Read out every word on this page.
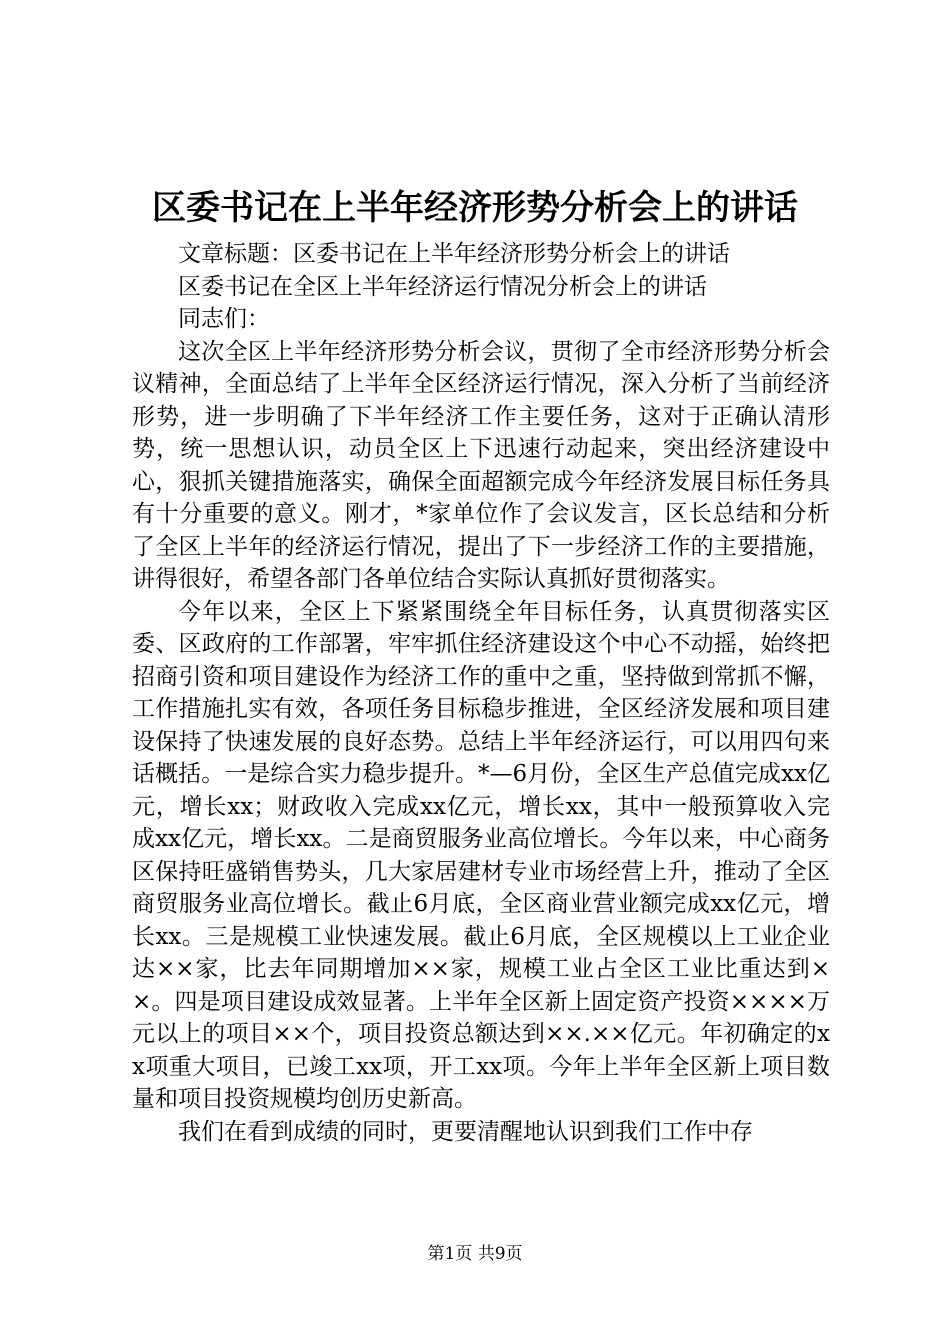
区委书记在上半年经济形势分析会上的讲话

文章标题：区委书记在上半年经济形势分析会上的讲话

区委书记在全区上半年经济运行情况分析会上的讲话

同志们：

这次全区上半年经济形势分析会议，贯彻了全市经济形势分析会议精神，全面总结了上半年全区经济运行情况，深入分析了当前经济形势，进一步明确了下半年经济工作主要任务，这对于正确认清形势，统一思想认识，动员全区上下迅速行动起来，突出经济建设中心，狠抓关键措施落实，确保全面超额完成今年经济发展目标任务具有十分重要的意义。刚才，*家单位作了会议发言，区长总结和分析了全区上半年的经济运行情况，提出了下一步经济工作的主要措施，讲得很好，希望各部门各单位结合实际认真抓好贯彻落实。

今年以来，全区上下紧紧围绕全年目标任务，认真贯彻落实区委、区政府的工作部署，牢牢抓住经济建设这个中心不动摇，始终把招商引资和项目建设作为经济工作的重中之重，坚持做到常抓不懈，工作措施扎实有效，各项任务目标稳步推进，全区经济发展和项目建设保持了快速发展的良好态势。总结上半年经济运行，可以用四句来话概括。一是综合实力稳步提升。*—6月份，全区生产总值完成xx亿元，增长xx；财政收入完成xx亿元，增长xx，其中一般预算收入完成xx亿元，增长xx。二是商贸服务业高位增长。今年以来，中心商务区保持旺盛销售势头，几大家居建材专业市场经营上升，推动了全区商贸服务业高位增长。截止6月底，全区商业营业额完成xx亿元，增长xx。三是规模工业快速发展。截止6月底，全区规模以上工业企业达××家，比去年同期增加××家，规模工业占全区工业比重达到××。四是项目建设成效显著。上半年全区新上固定资产投资××××万元以上的项目××个，项目投资总额达到××.××亿元。年初确定的xx项重大项目，已竣工xx项，开工xx项。今年上半年全区新上项目数量和项目投资规模均创历史新高。

我们在看到成绩的同时，更要清醒地认识到我们工作中存

第1页 共9页
